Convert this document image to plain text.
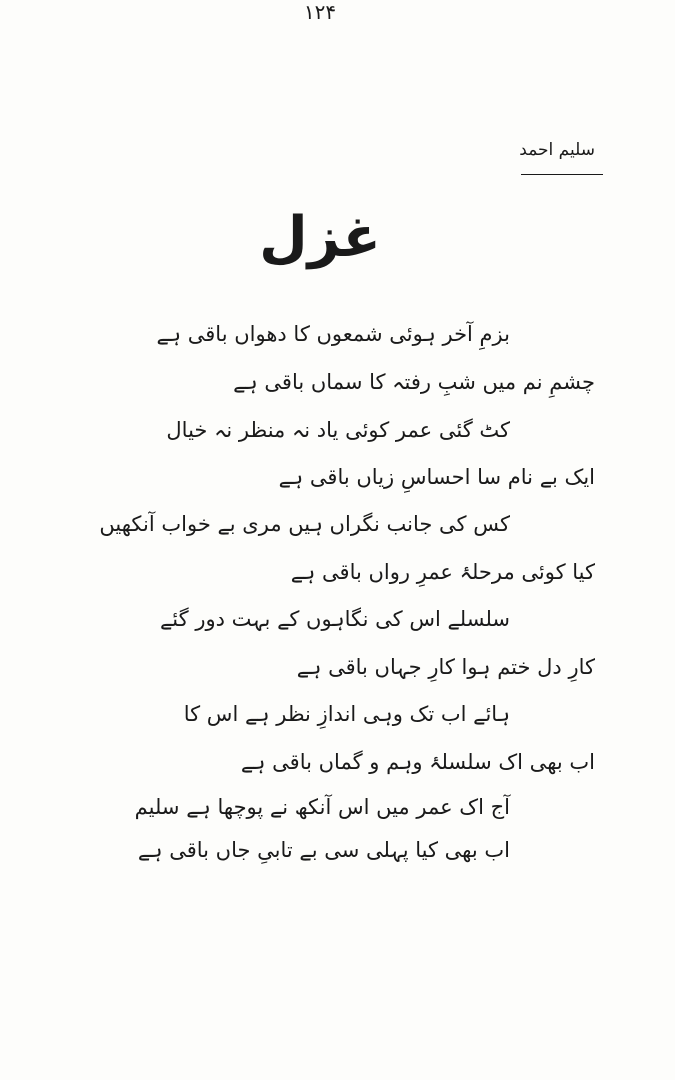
۱۲۴
سلیم احمد
غزل
بزمِ آخر ہوئی شمعوں کا دھواں باقی ہے
چشمِ نم میں شبِ رفتہ کا سماں باقی ہے
کٹ گئی عمر کوئی یاد نہ منظر نہ خیال
ایک بے نام سا احساسِ زیاں باقی ہے
کس کی جانب نگراں ہیں مری بے خواب آنکھیں
کیا کوئی مرحلۂ عمرِ رواں باقی ہے
سلسلے اس کی نگاہوں کے بہت دور گئے
کارِ دل ختم ہوا کارِ جہاں باقی ہے
ہائے اب تک وہی اندازِ نظر ہے اس کا
اب بھی اک سلسلۂ وہم و گماں باقی ہے
آج اک عمر میں اس آنکھ نے پوچھا ہے سلیم
اب بھی کیا پہلی سی بے تابیِ جاں باقی ہے
